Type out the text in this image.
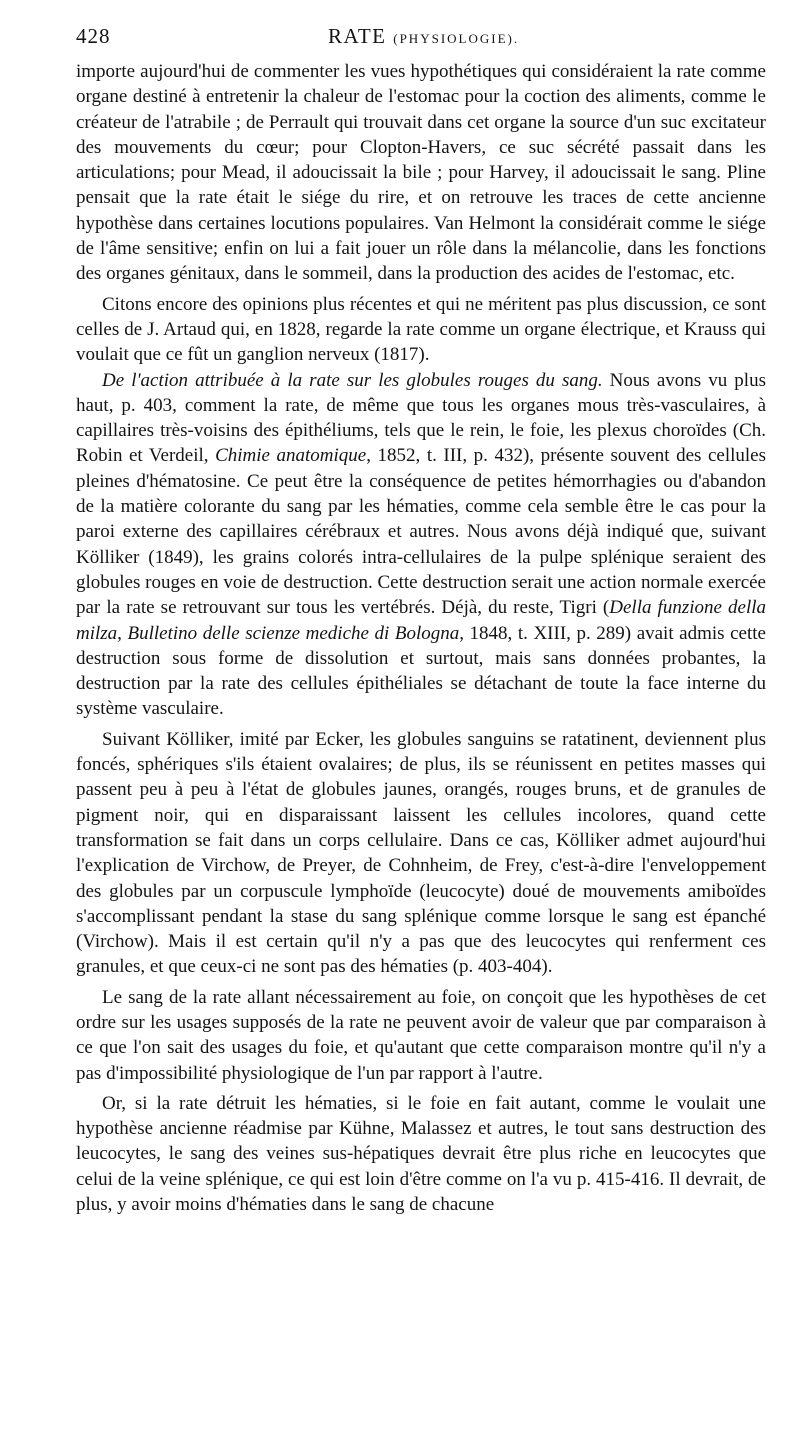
428	RATE (PHYSIOLOGIE).

importe aujourd'hui de commenter les vues hypothétiques qui considéraient la rate comme organe destiné à entretenir la chaleur de l'estomac pour la coction des aliments, comme le créateur de l'atrabile ; de Perrault qui trouvait dans cet organe la source d'un suc excitateur des mouvements du cœur; pour Clopton-Havers, ce suc sécrété passait dans les articulations; pour Mead, il adoucissait la bile ; pour Harvey, il adoucissait le sang. Pline pensait que la rate était le siége du rire, et on retrouve les traces de cette ancienne hypothèse dans certaines locutions populaires. Van Helmont la considérait comme le siége de l'âme sensitive; enfin on lui a fait jouer un rôle dans la mélancolie, dans les fonctions des organes génitaux, dans le sommeil, dans la production des acides de l'estomac, etc.

Citons encore des opinions plus récentes et qui ne méritent pas plus discussion, ce sont celles de J. Artaud qui, en 1828, regarde la rate comme un organe électrique, et Krauss qui voulait que ce fût un ganglion nerveux (1817).

De l'action attribuée à la rate sur les globules rouges du sang. Nous avons vu plus haut, p. 403, comment la rate, de même que tous les organes mous très-vasculaires, à capillaires très-voisins des épithéliums, tels que le rein, le foie, les plexus choroïdes (Ch. Robin et Verdeil, Chimie anatomique, 1852, t. III, p. 432), présente souvent des cellules pleines d'hématosine. Ce peut être la conséquence de petites hémorrhagies ou d'abandon de la matière colorante du sang par les hématies, comme cela semble être le cas pour la paroi externe des capillaires cérébraux et autres. Nous avons déjà indiqué que, suivant Kölliker (1849), les grains colorés intra-cellulaires de la pulpe splénique seraient des globules rouges en voie de destruction. Cette destruction serait une action normale exercée par la rate se retrouvant sur tous les vertébrés. Déjà, du reste, Tigri (Della funzione della milza, Bulletino delle scienze mediche di Bologna, 1848, t. XIII, p. 289) avait admis cette destruction sous forme de dissolution et surtout, mais sans données probantes, la destruction par la rate des cellules épithéliales se détachant de toute la face interne du système vasculaire.

Suivant Kölliker, imité par Ecker, les globules sanguins se ratatinent, deviennent plus foncés, sphériques s'ils étaient ovalaires; de plus, ils se réunissent en petites masses qui passent peu à peu à l'état de globules jaunes, orangés, rouges bruns, et de granules de pigment noir, qui en disparaissant laissent les cellules incolores, quand cette transformation se fait dans un corps cellulaire. Dans ce cas, Kölliker admet aujourd'hui l'explication de Virchow, de Preyer, de Cohnheim, de Frey, c'est-à-dire l'enveloppement des globules par un corpuscule lymphoïde (leucocyte) doué de mouvements amiboïdes s'accomplissant pendant la stase du sang splénique comme lorsque le sang est épanché (Virchow). Mais il est certain qu'il n'y a pas que des leucocytes qui renferment ces granules, et que ceux-ci ne sont pas des hématies (p. 403-404).

Le sang de la rate allant nécessairement au foie, on conçoit que les hypothèses de cet ordre sur les usages supposés de la rate ne peuvent avoir de valeur que par comparaison à ce que l'on sait des usages du foie, et qu'autant que cette comparaison montre qu'il n'y a pas d'impossibilité physiologique de l'un par rapport à l'autre.

Or, si la rate détruit les hématies, si le foie en fait autant, comme le voulait une hypothèse ancienne réadmise par Kühne, Malassez et autres, le tout sans destruction des leucocytes, le sang des veines sus-hépatiques devrait être plus riche en leucocytes que celui de la veine splénique, ce qui est loin d'être comme on l'a vu p. 415-416. Il devrait, de plus, y avoir moins d'hématies dans le sang de chacune
